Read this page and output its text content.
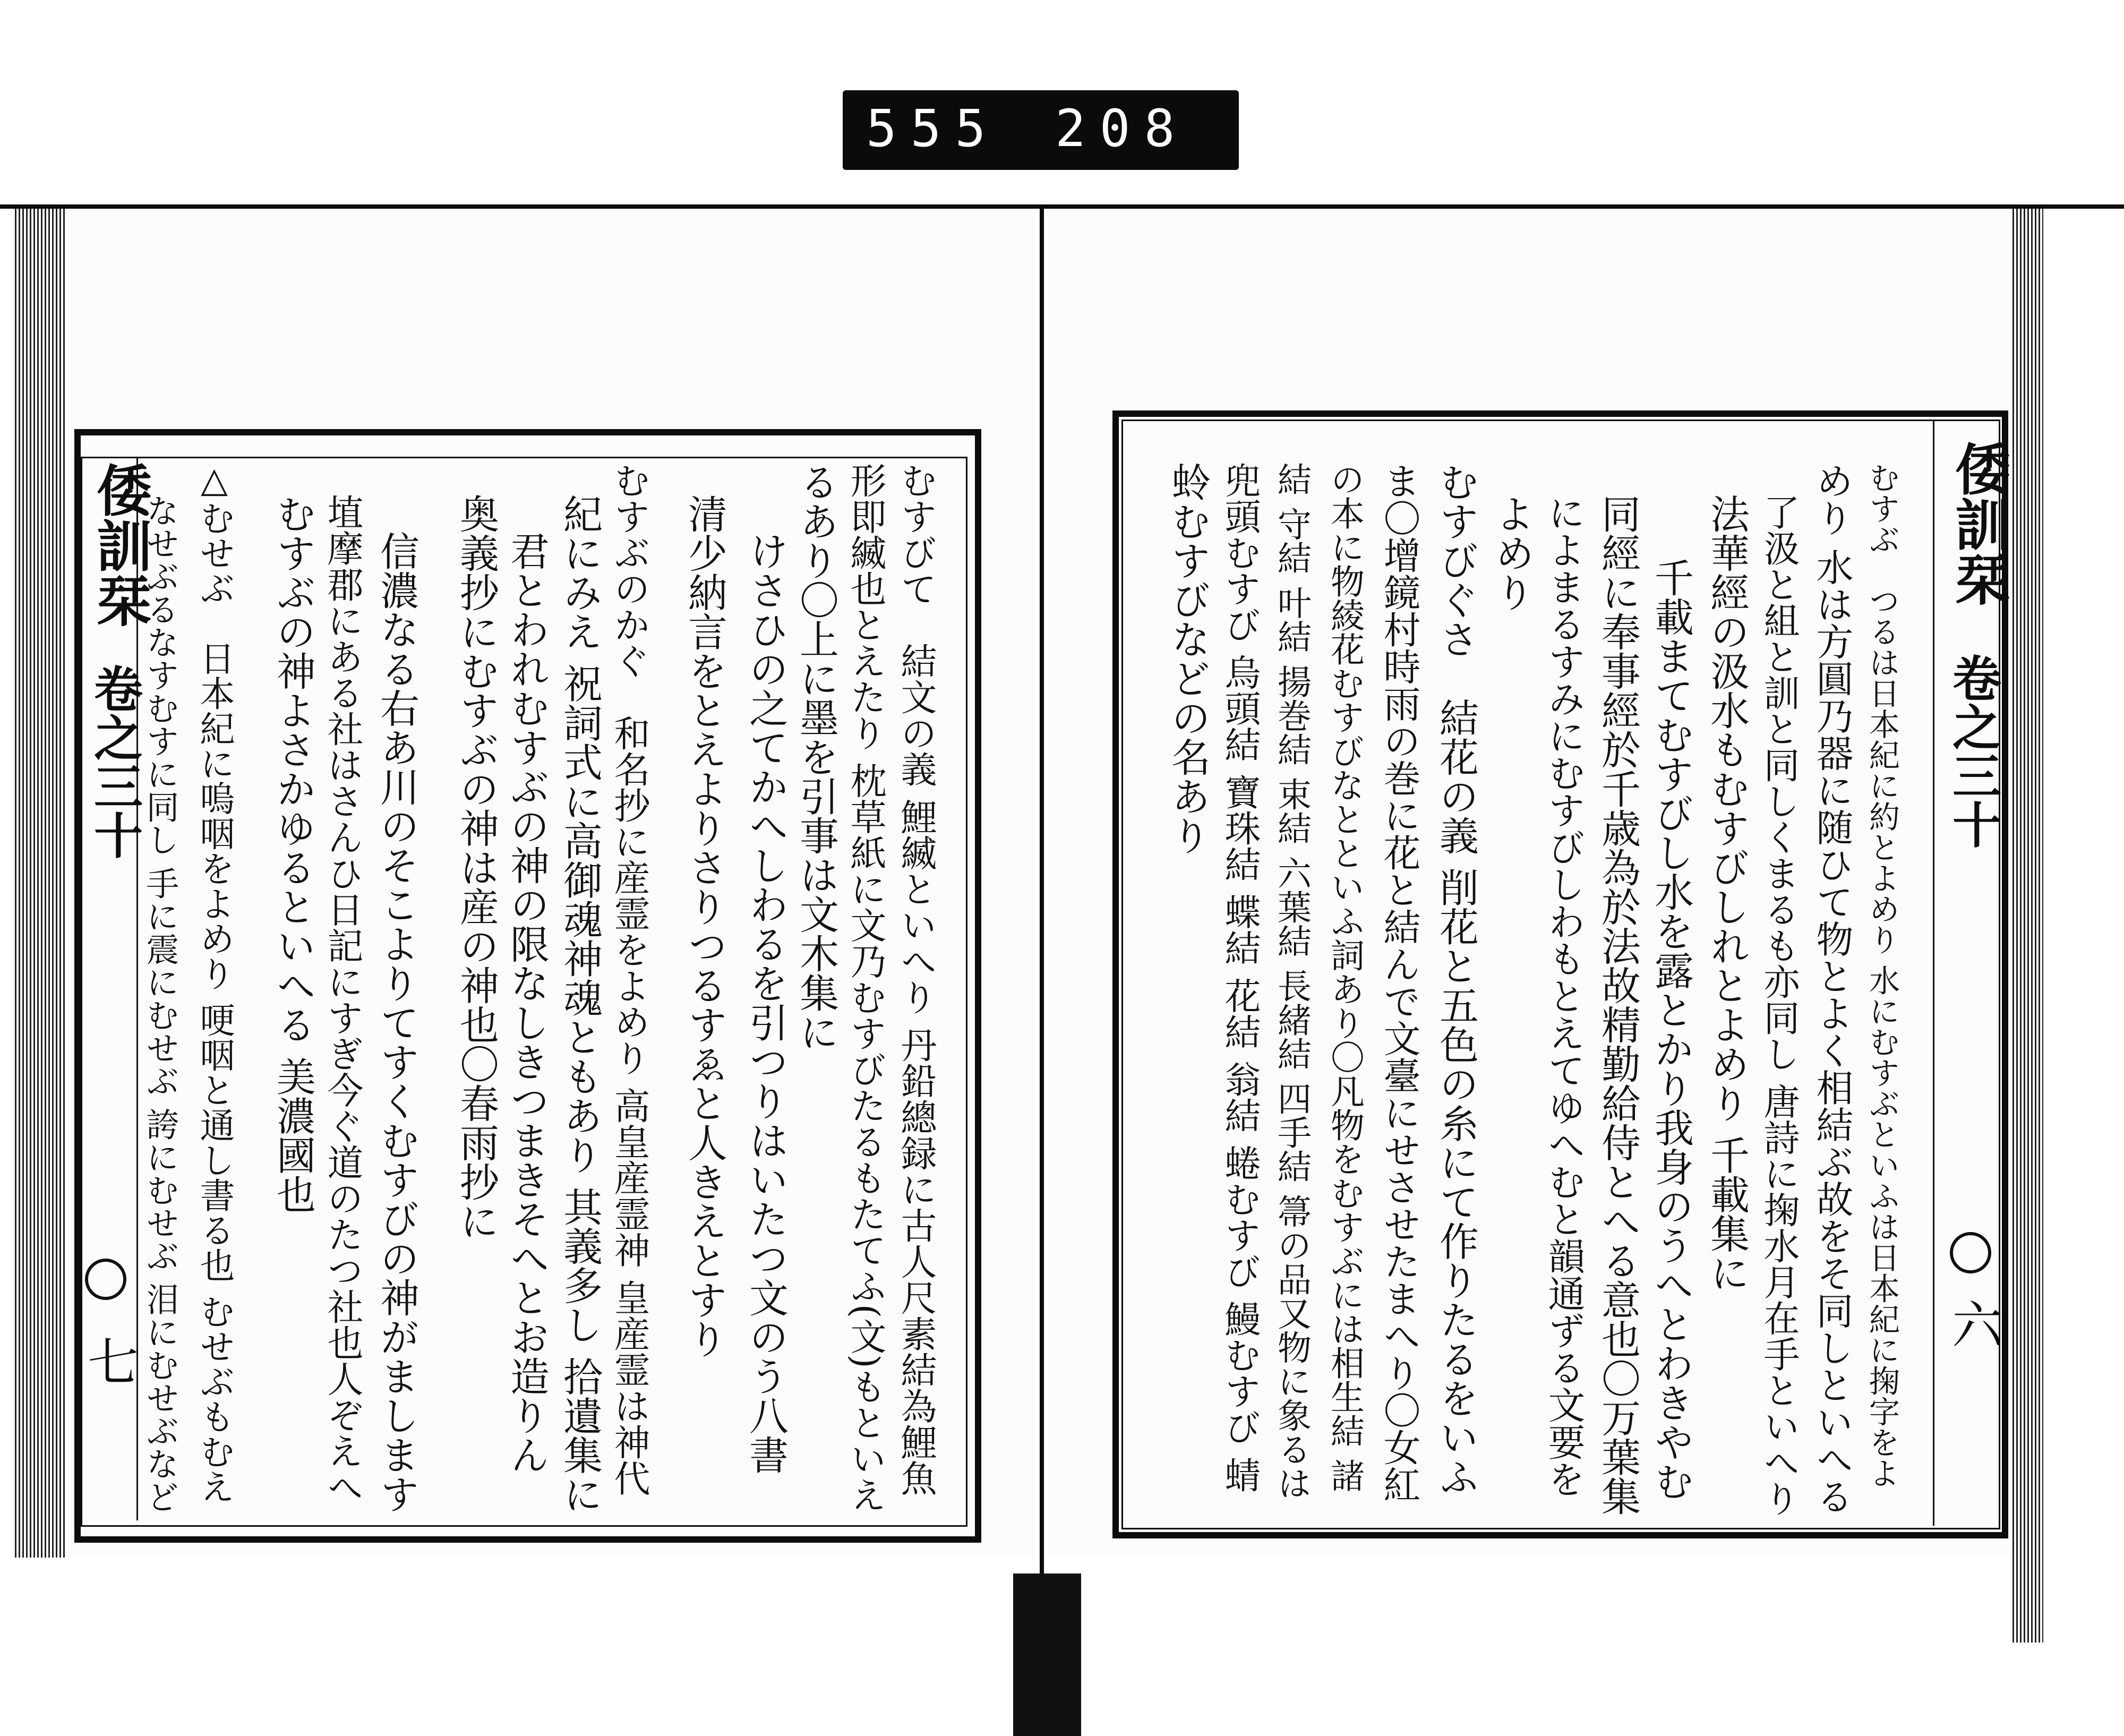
555 208
倭訓栞
卷之三十
七	むすびて　結文の義 鯉縅といへり 丹鉛總録に古人尺素結為鯉魚
形即縅也とえたり 枕草紙に文乃むすびたるもたてふ(文)もといえ
るあり〇上に墨を引事は文木集に
けさひの之てかへしわるを引つりはいたつ文のう八書
清少納言をとえよりさりつるすゑと人きえとすり
むすぶのかぐ　和名抄に産霊をよめり 高皇産霊神 皇産霊は神代
紀にみえ 祝詞式に高御魂神魂ともあり 其義多し 拾遺集に
君とわれむすぶの神の限なしきつまきそへとお造りん
奥義抄にむすぶの神は産の神也〇春雨抄に
信濃なる右あ川のそこよりてすくむすびの神がまします
埴摩郡にある社はさんひ日記にすぎ今ぐ道のたつ社也人ぞえへ
むすぶの神よさかゆるといへる 美濃國也
△むせぶ　日本紀に嗚咽をよめり 哽咽と通し書る也 むせぶもむえ
なせぶるなすむすに同し 手に震にむせぶ 誇にむせぶ 泪にむせぶなど	倭訓栞
卷之三十
六
むすぶ　つるは日本紀に約とよめり 水にむすぶといふは日本紀に掬字をよ
めり 水は方圓乃器に随ひて物とよく相結ぶ故をそ同しといへる
了汲と組と訓と同しくまるも亦同し 唐詩に掬水月在手といへり
法華經の汲水もむすびしれとよめり 千載集に
千載まてむすびし水を露とかり我身のうへとわきやむ
同經に奉事經於千歳為於法故精勤給侍とへる意也〇万葉集
によまるすみにむすびしわもとえてゆへむと韻通ずる文要を
よめり
むすびぐさ　結花の義 削花と五色の糸にて作りたるをいふ
ま〇增鏡村時雨の巻に花と結んで文臺にせさせたまへり〇女紅
の本に物綾花むすびなとといふ詞あり〇凡物をむすぶには相生結 諸
結 守結 叶結 揚巻結 束結 六葉結 長緒結 四手結 箒の品又物に象るは
兜頭むすび 烏頭結 寶珠結 蝶結 花結 翁結 蜷むすび 鰻むすび 蜻
蛉むすびなどの名あり
